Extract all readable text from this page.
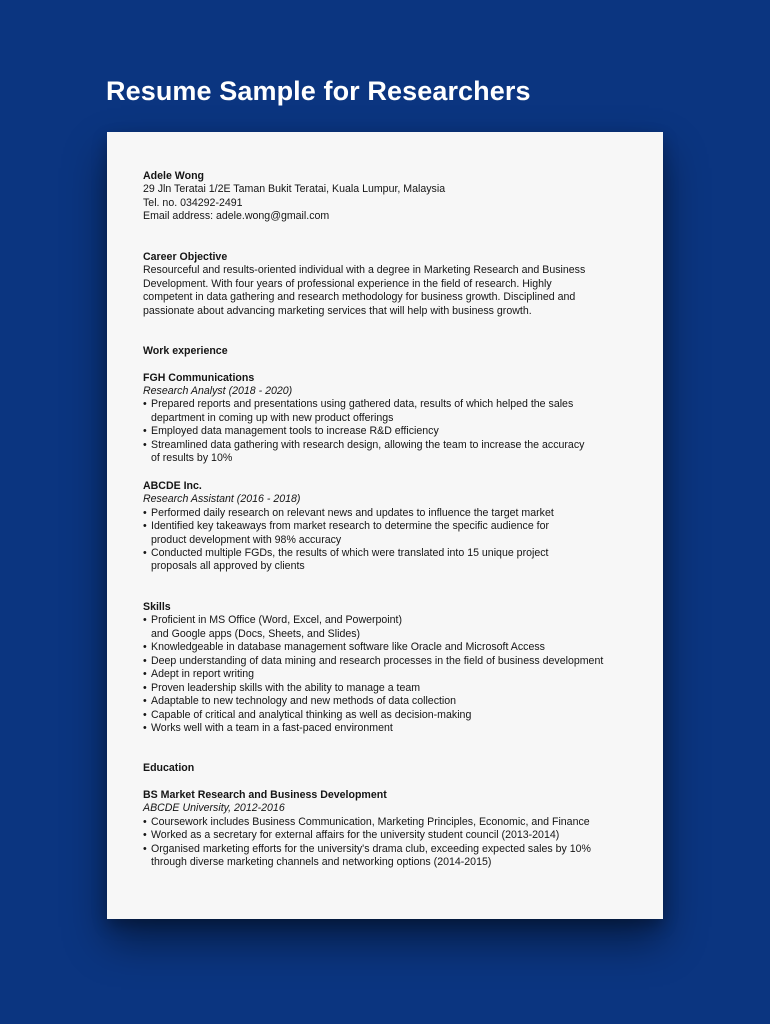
Resume Sample for Researchers

Adele Wong

29 Jln Teratai 1/2E Taman Bukit Teratai, Kuala Lumpur, Malaysia

Tel. no. 034292-2491

Email address: adele.wong@gmail.com

Career Objective

Resourceful and results-oriented individual with a degree in Marketing Research and Business

Development. With four years of professional experience in the field of research. Highly

competent in data gathering and research methodology for business growth. Disciplined and

passionate about advancing marketing services that will help with business growth.

Work experience

FGH Communications

Research Analyst (2018 - 2020)

• Prepared reports and presentations using gathered data, results of which helped the sales
department in coming up with new product offerings
• Employed data management tools to increase R&D efficiency
• Streamlined data gathering with research design, allowing the team to increase the accuracy
of results by 10%

ABCDE Inc.

Research Assistant (2016 - 2018)

• Performed daily research on relevant news and updates to influence the target market
• Identified key takeaways from market research to determine the specific audience for
product development with 98% accuracy
• Conducted multiple FGDs, the results of which were translated into 15 unique project
proposals all approved by clients

Skills

• Proficient in MS Office (Word, Excel, and Powerpoint)
and Google apps (Docs, Sheets, and Slides)
• Knowledgeable in database management software like Oracle and Microsoft Access
• Deep understanding of data mining and research processes in the field of business development
• Adept in report writing
• Proven leadership skills with the ability to manage a team
• Adaptable to new technology and new methods of data collection
• Capable of critical and analytical thinking as well as decision-making
• Works well with a team in a fast-paced environment

Education

BS Market Research and Business Development

ABCDE University, 2012-2016

• Coursework includes Business Communication, Marketing Principles, Economic, and Finance
• Worked as a secretary for external affairs for the university student council (2013-2014)
• Organised marketing efforts for the university's drama club, exceeding expected sales by 10%
through diverse marketing channels and networking options (2014-2015)
